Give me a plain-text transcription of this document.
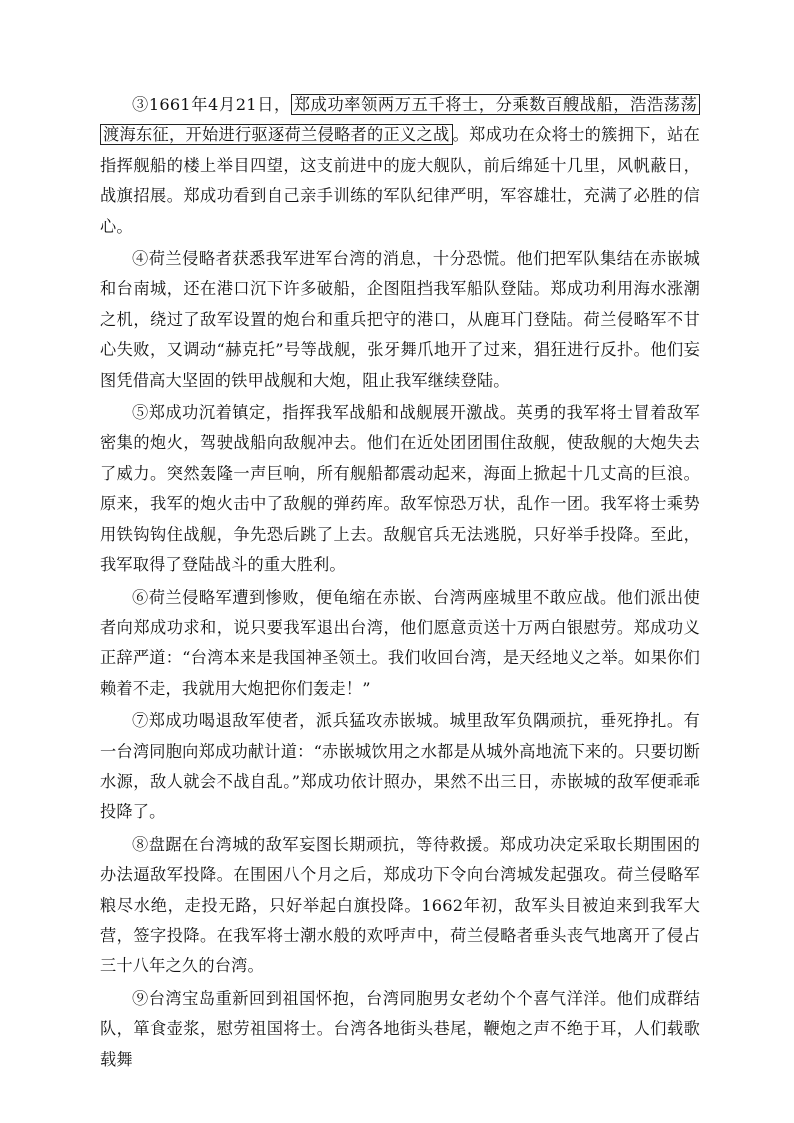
③1661年4月21日， 郑成功率领两万五千将士，分乘数百艘战船，浩浩荡荡渡海东征，开始进行驱逐荷兰侵略者的正义之战 。郑成功在众将士的簇拥下，站在指挥舰船的楼上举目四望，这支前进中的庞大舰队，前后绵延十几里，风帆蔽日，战旗招展。郑成功看到自己亲手训练的军队纪律严明，军容雄壮，充满了必胜的信心。

④荷兰侵略者获悉我军进军台湾的消息，十分恐慌。他们把军队集结在赤嵌城和台南城，还在港口沉下许多破船，企图阻挡我军船队登陆。郑成功利用海水涨潮之机，绕过了敌军设置的炮台和重兵把守的港口，从鹿耳门登陆。荷兰侵略军不甘心失败，又调动“赫克托”号等战舰，张牙舞爪地开了过来，猖狂进行反扑。他们妄图凭借高大坚固的铁甲战舰和大炮，阻止我军继续登陆。

⑤郑成功沉着镇定，指挥我军战船和战舰展开激战。英勇的我军将士冒着敌军密集的炮火，驾驶战船向敌舰冲去。他们在近处团团围住敌舰，使敌舰的大炮失去了威力。突然轰隆一声巨响，所有舰船都震动起来，海面上掀起十几丈高的巨浪。原来，我军的炮火击中了敌舰的弹药库。敌军惊恐万状，乱作一团。我军将士乘势用铁钩钩住战舰，争先恐后跳了上去。敌舰官兵无法逃脱，只好举手投降。至此，我军取得了登陆战斗的重大胜利。

⑥荷兰侵略军遭到惨败，便龟缩在赤嵌、台湾两座城里不敢应战。他们派出使者向郑成功求和，说只要我军退出台湾，他们愿意贡送十万两白银慰劳。郑成功义正辞严道：“台湾本来是我国神圣领土。我们收回台湾，是天经地义之举。如果你们赖着不走，我就用大炮把你们轰走！”

⑦郑成功喝退敌军使者，派兵猛攻赤嵌城。城里敌军负隅顽抗，垂死挣扎。有一台湾同胞向郑成功献计道：“赤嵌城饮用之水都是从城外高地流下来的。只要切断水源，敌人就会不战自乱。”郑成功依计照办，果然不出三日，赤嵌城的敌军便乖乖投降了。

⑧盘踞在台湾城的敌军妄图长期顽抗，等待救援。郑成功决定采取长期围困的办法逼敌军投降。在围困八个月之后，郑成功下令向台湾城发起强攻。荷兰侵略军粮尽水绝，走投无路，只好举起白旗投降。1662年初，敌军头目被迫来到我军大营，签字投降。在我军将士潮水般的欢呼声中，荷兰侵略者垂头丧气地离开了侵占三十八年之久的台湾。

⑨台湾宝岛重新回到祖国怀抱，台湾同胞男女老幼个个喜气洋洋。他们成群结队，箪食壶浆，慰劳祖国将士。台湾各地街头巷尾，鞭炮之声不绝于耳，人们载歌载舞
